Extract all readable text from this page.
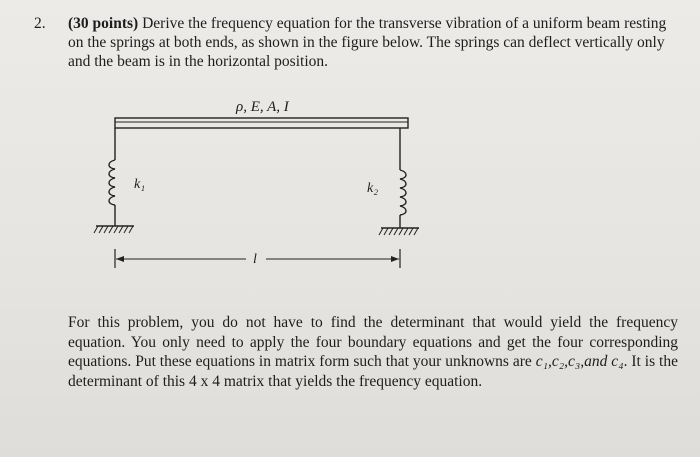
2. (30 points) Derive the frequency equation for the transverse vibration of a uniform beam resting on the springs at both ends, as shown in the figure below. The springs can deflect vertically only and the beam is in the horizontal position.
ρ, E, A, I
k₁	k₂
l
For this problem, you do not have to find the determinant that would yield the frequency equation. You only need to apply the four boundary equations and get the four corresponding equations. Put these equations in matrix form such that your unknowns are c₁,c₂,c₃,and c₄. It is the determinant of this 4 x 4 matrix that yields the frequency equation.
